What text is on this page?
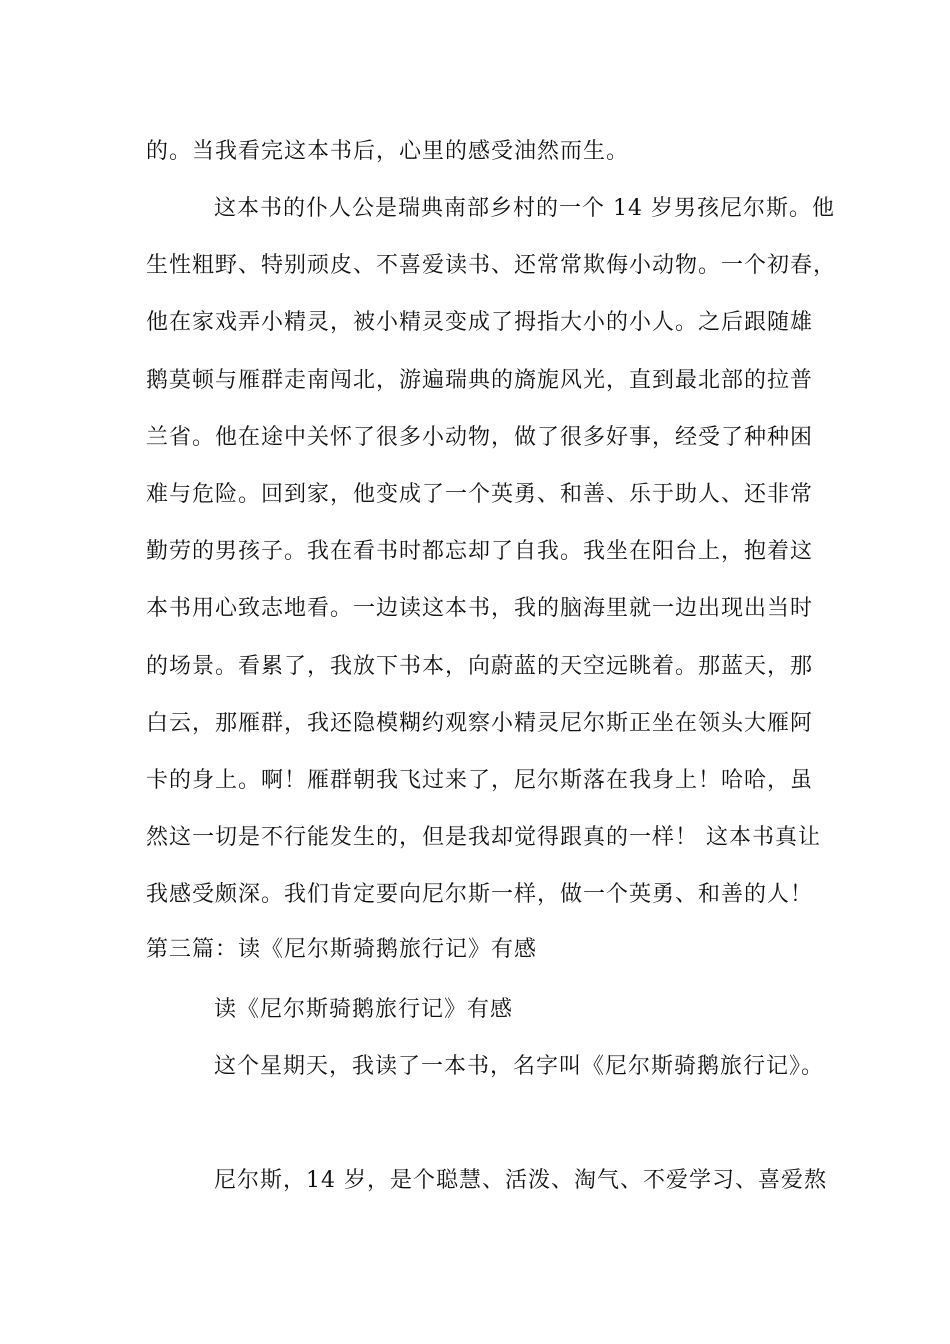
的。当我看完这本书后，心里的感受油然而生。
这本书的仆人公是瑞典南部乡村的一个 14 岁男孩尼尔斯。他
生性粗野、特别顽皮、不喜爱读书、还常常欺侮小动物。一个初春，
他在家戏弄小精灵，被小精灵变成了拇指大小的小人。之后跟随雄
鹅莫顿与雁群走南闯北，游遍瑞典的旖旎风光，直到最北部的拉普
兰省。他在途中关怀了很多小动物，做了很多好事，经受了种种困
难与危险。回到家，他变成了一个英勇、和善、乐于助人、还非常
勤劳的男孩子。我在看书时都忘却了自我。我坐在阳台上，抱着这
本书用心致志地看。一边读这本书，我的脑海里就一边出现出当时
的场景。看累了，我放下书本，向蔚蓝的天空远眺着。那蓝天，那
白云，那雁群，我还隐模糊约观察小精灵尼尔斯正坐在领头大雁阿
卡的身上。啊！雁群朝我飞过来了，尼尔斯落在我身上！哈哈，虽
然这一切是不行能发生的，但是我却觉得跟真的一样！ 这本书真让
我感受颇深。我们肯定要向尼尔斯一样，做一个英勇、和善的人！
第三篇：读《尼尔斯骑鹅旅行记》有感
读《尼尔斯骑鹅旅行记》有感
这个星期天，我读了一本书，名字叫《尼尔斯骑鹅旅行记》。
尼尔斯，14 岁，是个聪慧、活泼、淘气、不爱学习、喜爱熬
